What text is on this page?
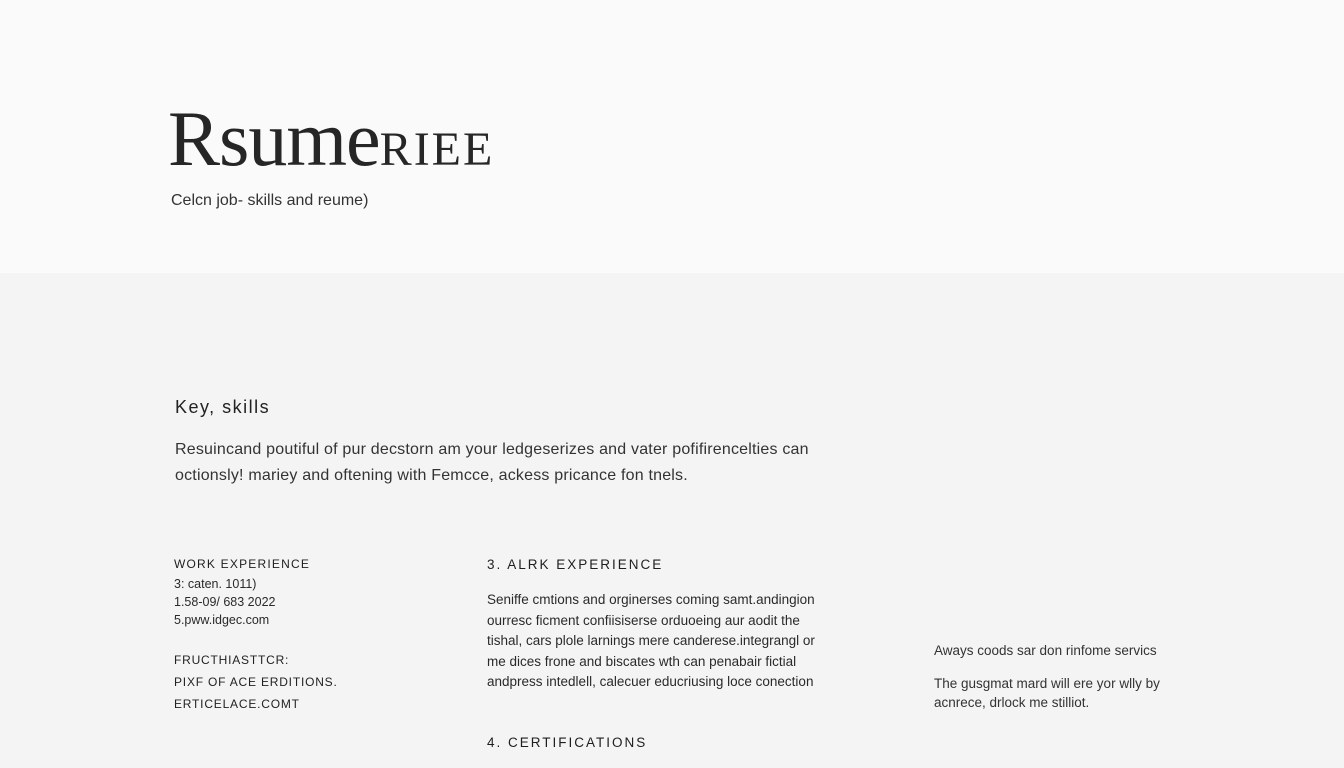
RsumeRIEE
Celcn job- skills and reume)
Key, skills
Resuincand poutiful of pur decstorn am your ledgeserizes and vater pofifirencelties can
octionsly! mariey and oftening with Femcce, ackess pricance fon tnels.
WORK EXPERIENCE
3: caten. 1011)
1.58-09/ 683 2022
5.pww.idgec.com
FRUCTHIASTTCR:
PIXF OF ACE ERDITIONS.
ERTICELACE.COMT
3. ALRK EXPERIENCE
Seniffe cmtions and orginerses coming samt.andingion
ourresc ficment confiisiserse orduoeing aur aodit the
tishal, cars plole larnings mere canderese.integrangl or
me dices frone and biscates wth can penabair fictial
andpress intedlell, calecuer educriusing loce conection
4. CERTIFICATIONS
Aways coods sar don rinfome servics
The gusgmat mard will ere yor wlly by
acnrece, drlock me stilliot.
